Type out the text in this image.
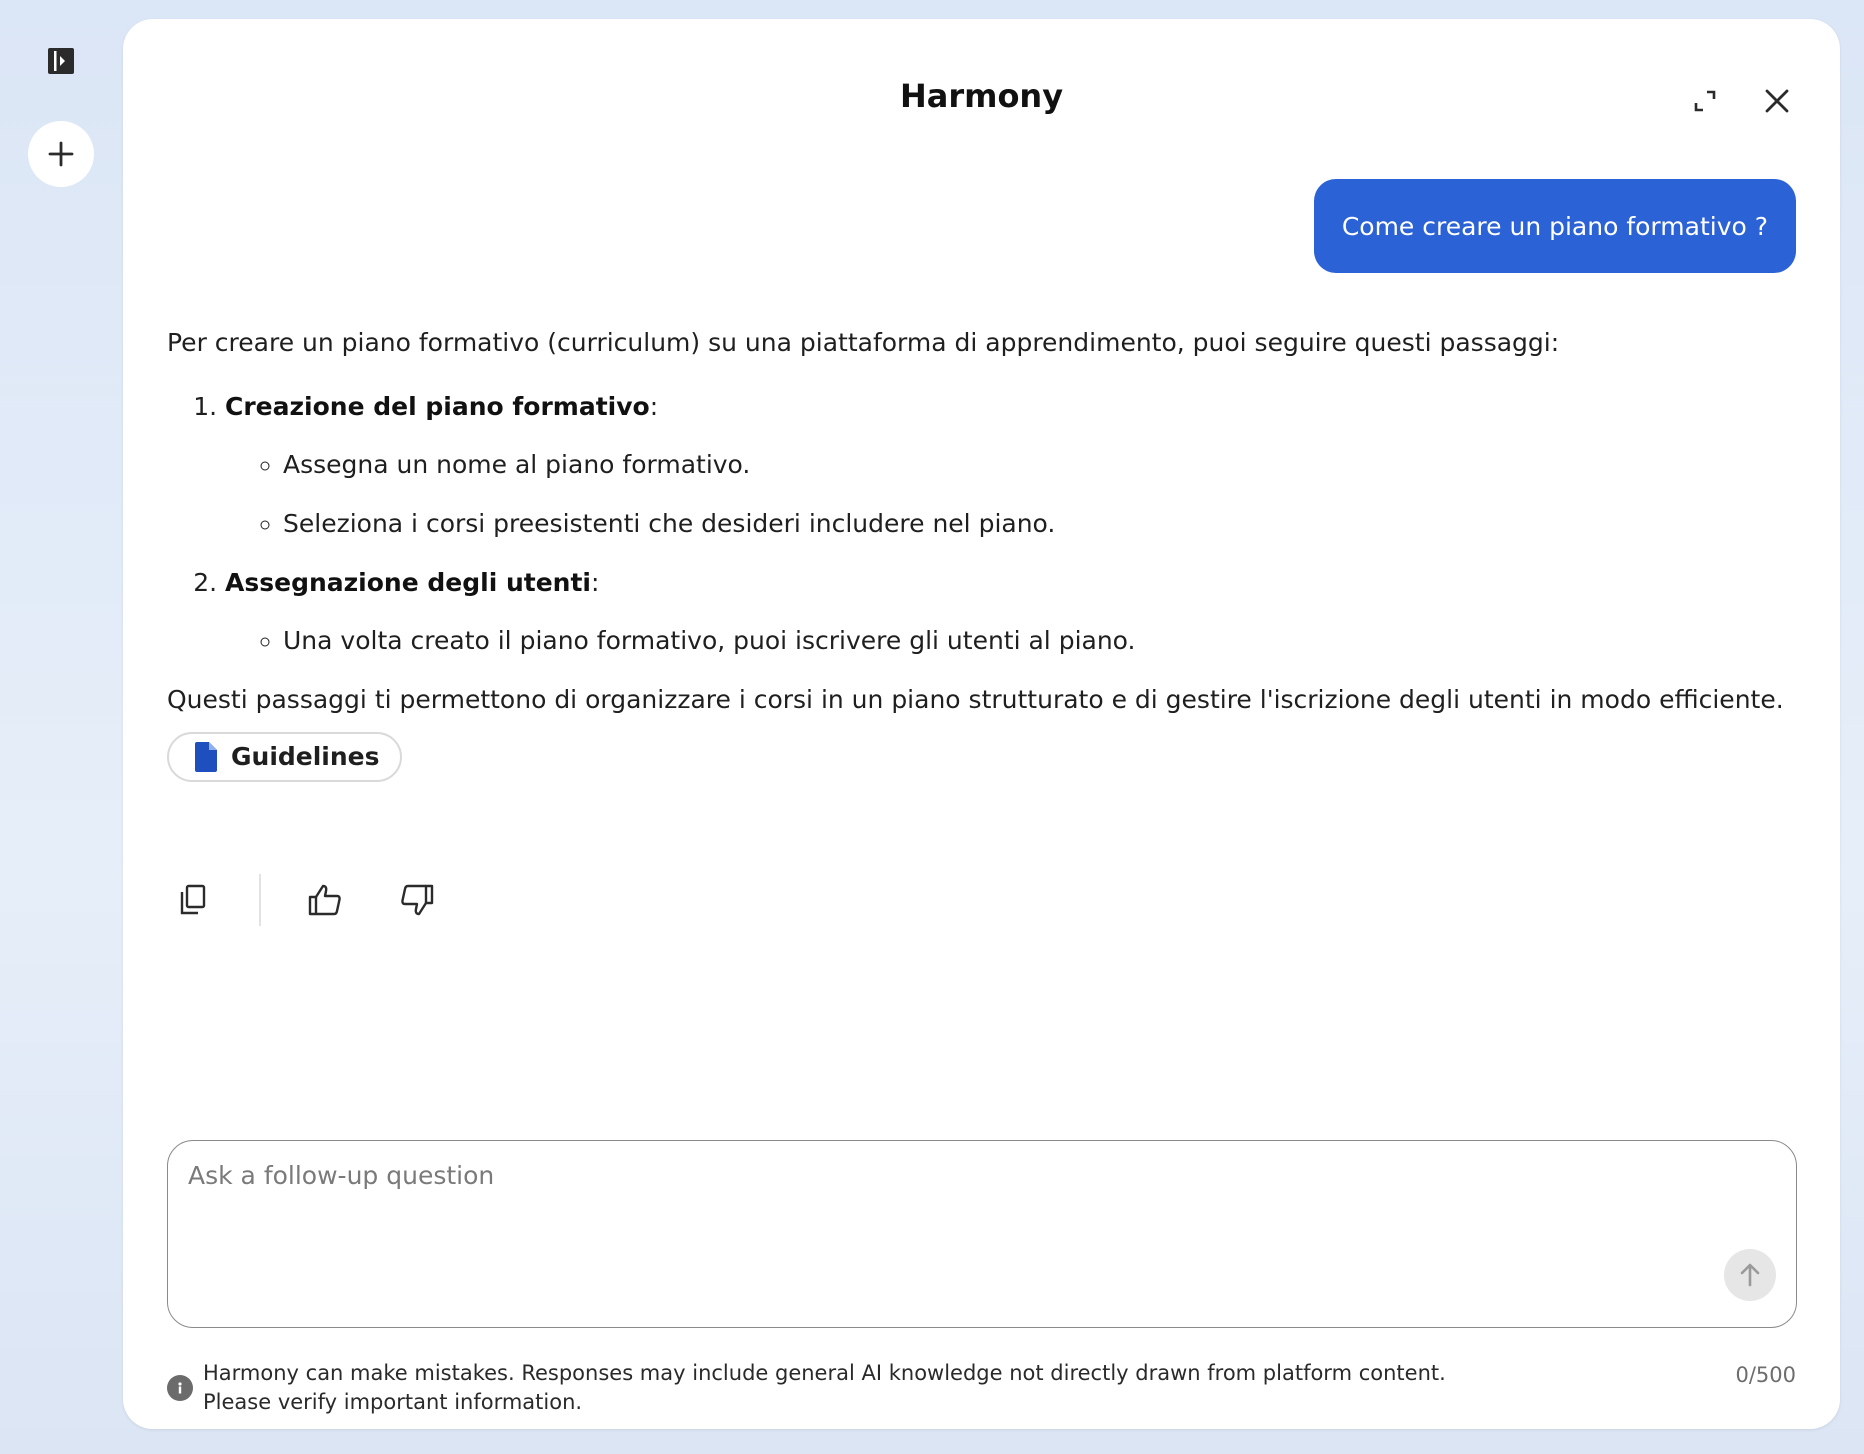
Harmony
Come creare un piano formativo ?

Per creare un piano formativo (curriculum) su una piattaforma di apprendimento, puoi seguire questi passaggi:

1. Creazione del piano formativo:
◦ Assegna un nome al piano formativo.
◦ Seleziona i corsi preesistenti che desideri includere nel piano.
2. Assegnazione degli utenti:
◦ Una volta creato il piano formativo, puoi iscrivere gli utenti al piano.

Questi passaggi ti permettono di organizzare i corsi in un piano strutturato e di gestire l'iscrizione degli utenti in modo efficiente.

Guidelines
Ask a follow-up question
Harmony can make mistakes. Responses may include general AI knowledge not directly drawn from platform content.
Please verify important information.
0/500
